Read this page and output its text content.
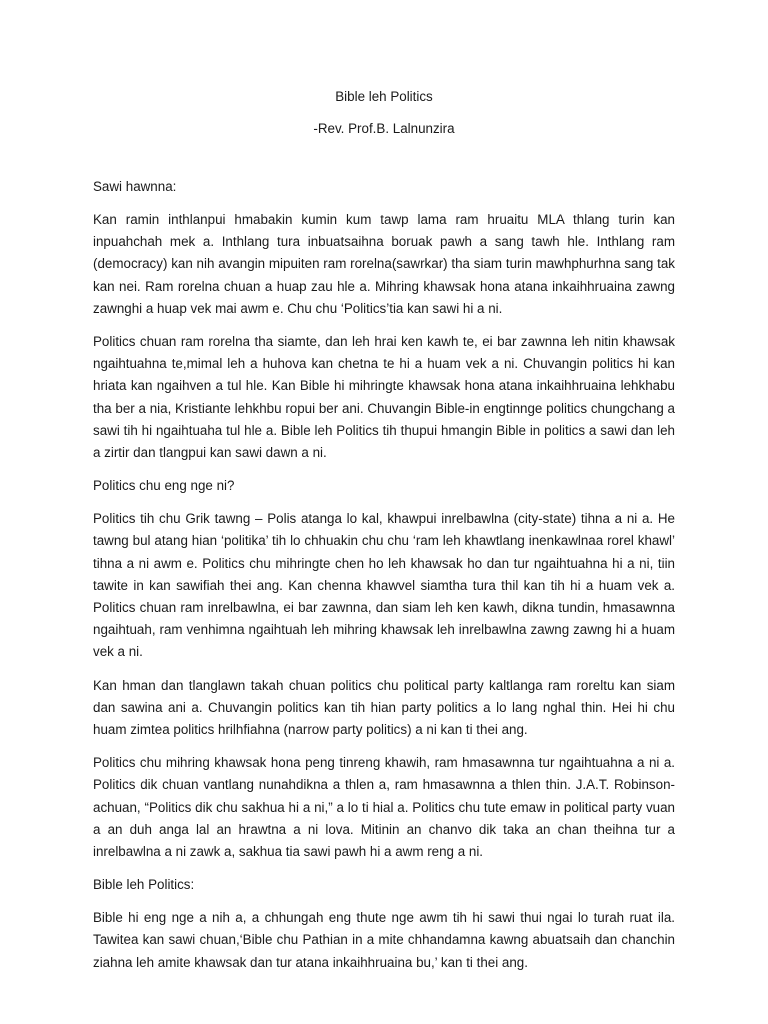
Bible leh Politics

-Rev. Prof.B. Lalnunzira

Sawi hawnna:

Kan ramin inthlanpui hmabakin kumin kum tawp lama ram hruaitu MLA thlang turin kan inpuahchah mek a. Inthlang tura inbuatsaihna boruak pawh a sang tawh hle. Inthlang ram (democracy) kan nih avangin mipuiten ram rorelna(sawrkar) tha siam turin mawhphurhna sang tak kan nei. Ram rorelna chuan a huap zau hle a. Mihring khawsak hona atana inkaihhruaina zawng zawnghi a huap vek mai awm e. Chu chu ‘Politics’tia kan sawi hi a ni.

Politics chuan ram rorelna tha siamte, dan leh hrai ken kawh te, ei bar zawnna leh nitin khawsak ngaihtuahna te,mimal leh a huhova kan chetna te hi a huam vek a ni. Chuvangin politics hi kan hriata kan ngaihven a tul hle. Kan Bible hi mihringte khawsak hona atana inkaihhruaina lehkhabu tha ber a nia, Kristiante lehkhbu ropui ber ani. Chuvangin Bible-in engtinnge politics chungchang a sawi tih hi ngaihtuaha tul hle a. Bible leh Politics tih thupui hmangin Bible in politics a sawi dan leh a zirtir dan tlangpui kan sawi dawn a ni.

Politics chu eng nge ni?

Politics tih chu Grik tawng – Polis atanga lo kal, khawpui inrelbawlna (city-state) tihna a ni a. He tawng bul atang hian ‘politika’ tih lo chhuakin chu chu ‘ram leh khawtlang inenkawlnaa rorel khawl’ tihna a ni awm e. Politics chu mihringte chen ho leh khawsak ho dan tur ngaihtuahna hi a ni, tiin tawite in kan sawifiah thei ang. Kan chenna khawvel siamtha tura thil kan tih hi a huam vek a. Politics chuan ram inrelbawlna, ei bar zawnna, dan siam leh ken kawh, dikna tundin, hmasawnna ngaihtuah, ram venhimna ngaihtuah leh mihring khawsak leh inrelbawlna zawng zawng hi a huam vek a ni.

Kan hman dan tlanglawn takah chuan politics chu political party kaltlanga ram roreltu kan siam dan sawina ani a. Chuvangin politics kan tih hian party politics a lo lang nghal thin. Hei hi chu huam zimtea politics hrilhfiahna (narrow party politics) a ni kan ti thei ang.

Politics chu mihring khawsak hona peng tinreng khawih, ram hmasawnna tur ngaihtuahna a ni a. Politics dik chuan vantlang nunahdikna a thlen a, ram hmasawnna a thlen thin. J.A.T. Robinson-achuan, “Politics dik chu sakhua hi a ni,” a lo ti hial a. Politics chu tute emaw in political party vuan a an duh anga lal an hrawtna a ni lova. Mitinin an chanvo dik taka an chan theihna tur a inrelbawlna a ni zawk a, sakhua tia sawi pawh hi a awm reng a ni.

Bible leh Politics:

Bible hi eng nge a nih a, a chhungah eng thute nge awm tih hi sawi thui ngai lo turah ruat ila. Tawitea kan sawi chuan,‘Bible chu Pathian in a mite chhandamna kawng abuatsaih dan chanchin ziahna leh amite khawsak dan tur atana inkaihhruaina bu,’ kan ti thei ang.
